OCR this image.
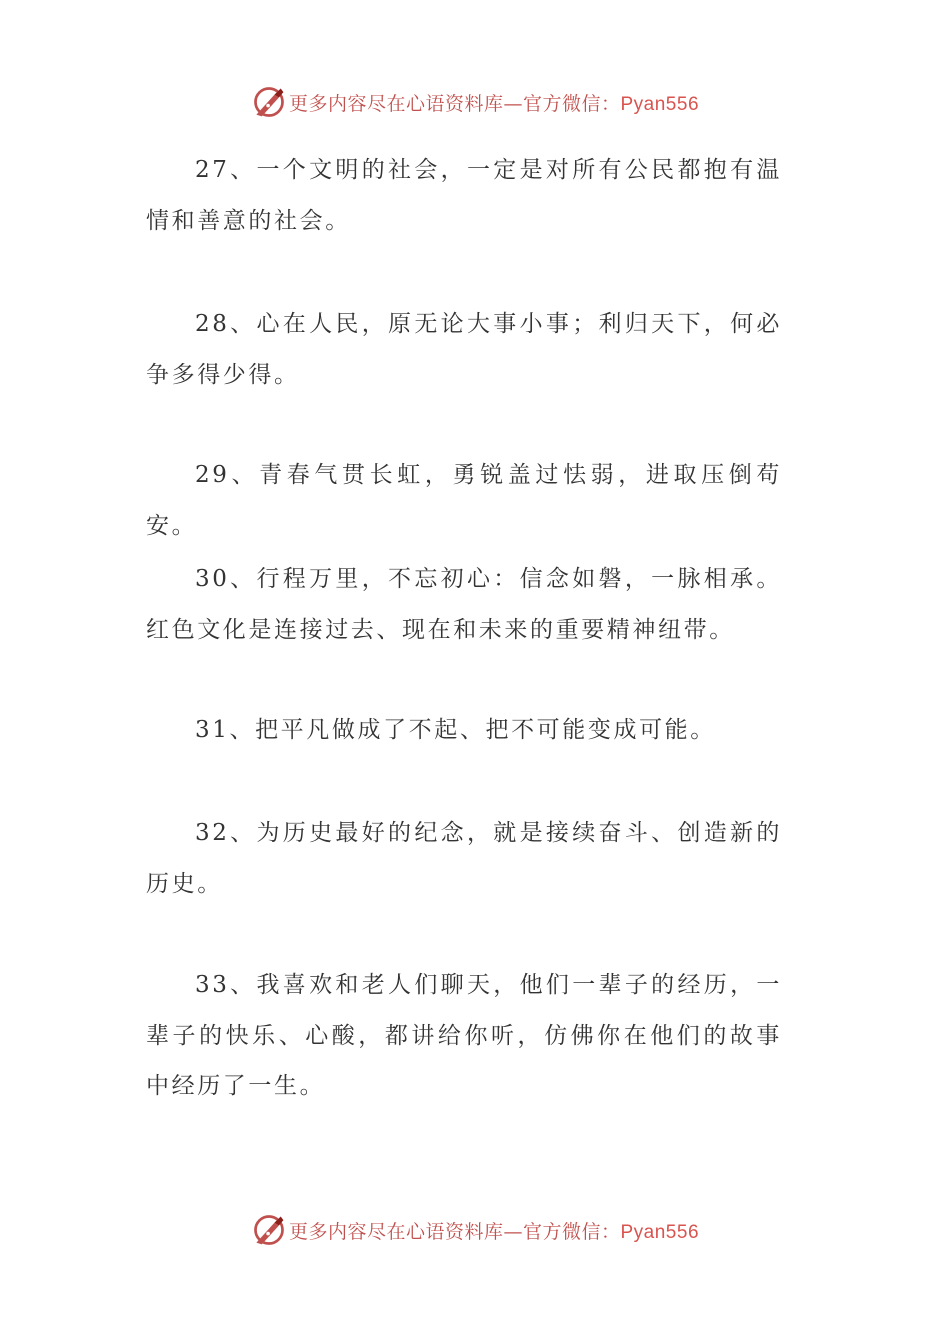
更多内容尽在心语资料库—官方微信：Pyan556

27、一个文明的社会，一定是对所有公民都抱有温情和善意的社会。

28、心在人民，原无论大事小事；利归天下，何必争多得少得。

29、青春气贯长虹，勇锐盖过怯弱，进取压倒苟安。

30、行程万里，不忘初心：信念如磐，一脉相承。红色文化是连接过去、现在和未来的重要精神纽带。

31、把平凡做成了不起、把不可能变成可能。

32、为历史最好的纪念，就是接续奋斗、创造新的历史。

33、我喜欢和老人们聊天，他们一辈子的经历，一辈子的快乐、心酸，都讲给你听，仿佛你在他们的故事中经历了一生。

更多内容尽在心语资料库—官方微信：Pyan556
